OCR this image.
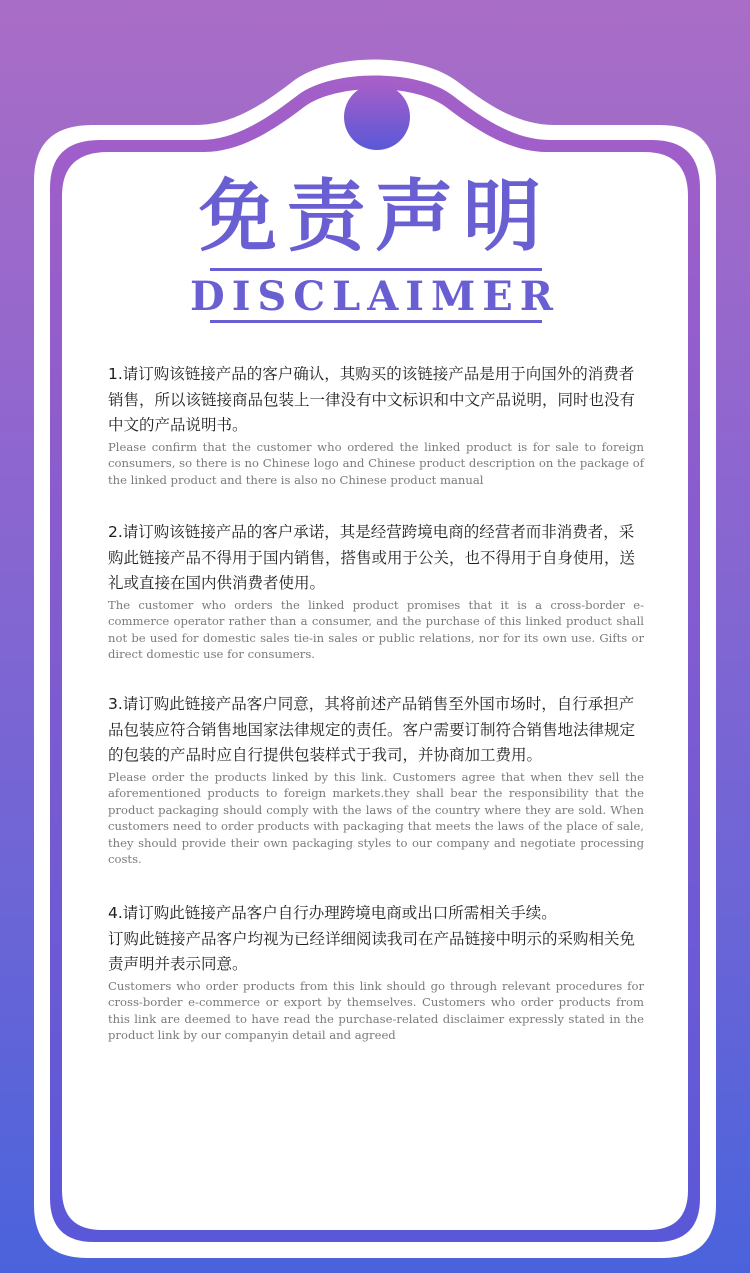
免责声明
DISCLAIMER

1.请订购该链接产品的客户确认，其购买的该链接产品是用于向国外的消费者销售，所以该链接商品包装上一律没有中文标识和中文产品说明，同时也没有中文的产品说明书。

Please confirm that the customer who ordered the linked product is for sale to foreign consumers, so there is no Chinese logo and Chinese product description on the package of the linked product and there is also no Chinese product manual

2.请订购该链接产品的客户承诺，其是经营跨境电商的经营者而非消费者，采购此链接产品不得用于国内销售，搭售或用于公关，也不得用于自身使用，送礼或直接在国内供消费者使用。

The customer who orders the linked product promises that it is a cross-border e-commerce operator rather than a consumer, and the purchase of this linked product shall not be used for domestic sales tie-in sales or public relations, nor for its own use. Gifts or direct domestic use for consumers.

3.请订购此链接产品客户同意，其将前述产品销售至外国市场时，自行承担产品包装应符合销售地国家法律规定的责任。客户需要订制符合销售地法律规定的包装的产品时应自行提供包装样式于我司，并协商加工费用。

Please order the products linked by this link. Customers agree that when thev sell the aforementioned products to foreign markets.they shall bear the responsibility that the product packaging should comply with the laws of the country where they are sold. When customers need to order products with packaging that meets the laws of the place of sale, they should provide their own packaging styles to our company and negotiate processing costs.

4.请订购此链接产品客户自行办理跨境电商或出口所需相关手续。

订购此链接产品客户均视为已经详细阅读我司在产品链接中明示的采购相关免责声明并表示同意。

Customers who order products from this link should go through relevant procedures for cross-border e-commerce or export by themselves. Customers who order products from this link are deemed to have read the purchase-related disclaimer expressly stated in the product link by our companyin detail and agreed
